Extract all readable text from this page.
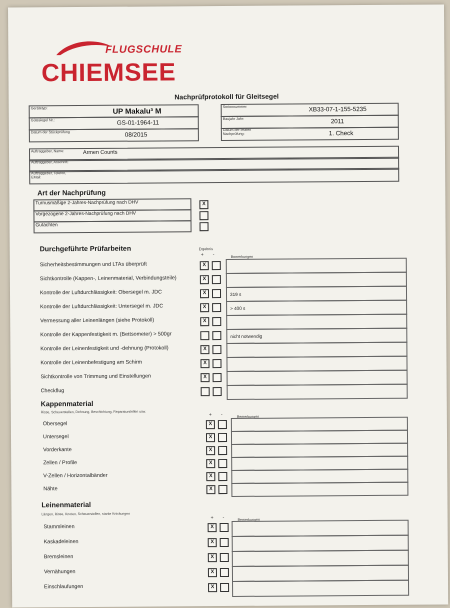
FLUGSCHULE
CHIEMSEE
Nachprüfprotokoll für Gleitsegel
Gerätetyp:	UP Makalu³ M
Gütesiegel Nr.:	GS-01-1964-11
Datum der Stückprüfung	08/2015
Seriennummer:	XB33-07-1-155-5235
Baujahr Jahr:	2011
Datum der letzten Nachprüfung:	1. Check
Auftraggeber, Name:	Armen Counts
Auftraggeber, Anschrift:
Auftraggeber, Telefon, EMail:
Art der Nachprüfung
Turnusmäßige 2-Jahres-Nachprüfung nach DHV	X
Vorgezogene 2-Jahres-Nachprüfung nach DHV
Gutachten
Durchgeführte Prüfarbeiten	Ergebnis
+ -	Bemerkungen
Sicherheitsbestimmungen und LTAs überprüft	X
Sichtkontrolle (Kappen-, Leinenmaterial, Verbindungsteile)	X
Kontrolle der Luftdurchlässigkeit: Obersegel m. JDC	X	319 s
Kontrolle der Luftdurchlässigkeit: Untersegel m. JDC	X	> 400 s
Vermessung aller Leinenlängen (siehe Protokoll)	X
Kontrolle der Kappenfestigkeit m. (Bettsometer) > 500gr	nicht notwendig
Kontrolle der Leinenfestigkeit und -dehnung (Protokoll)	X
Kontrolle der Leinenbefestigung am Schirm	X
Sichtkontrolle von Trimmung und Einstellungen	X
Checkflug
Kappenmaterial
Risse, Scheuerstellen, Dehnung, Beschichtung, Reparaturstellen usw.
+ -	Bemerkungen
Obersegel	X
Untersegel	X
Vorderkante	X
Zellen / Profile	X
V-Zellen / Horizontalbänder	X
Nähte	X
Leinenmaterial
Längen, Risse, Knoten, Scheuerstellen, starke Knickungen
+ -	Bemerkungen
Stammleinen	X
Kaskadeleinen	X
Bremsleinen	X
Vernähungen	X
Einschlaufungen	X
